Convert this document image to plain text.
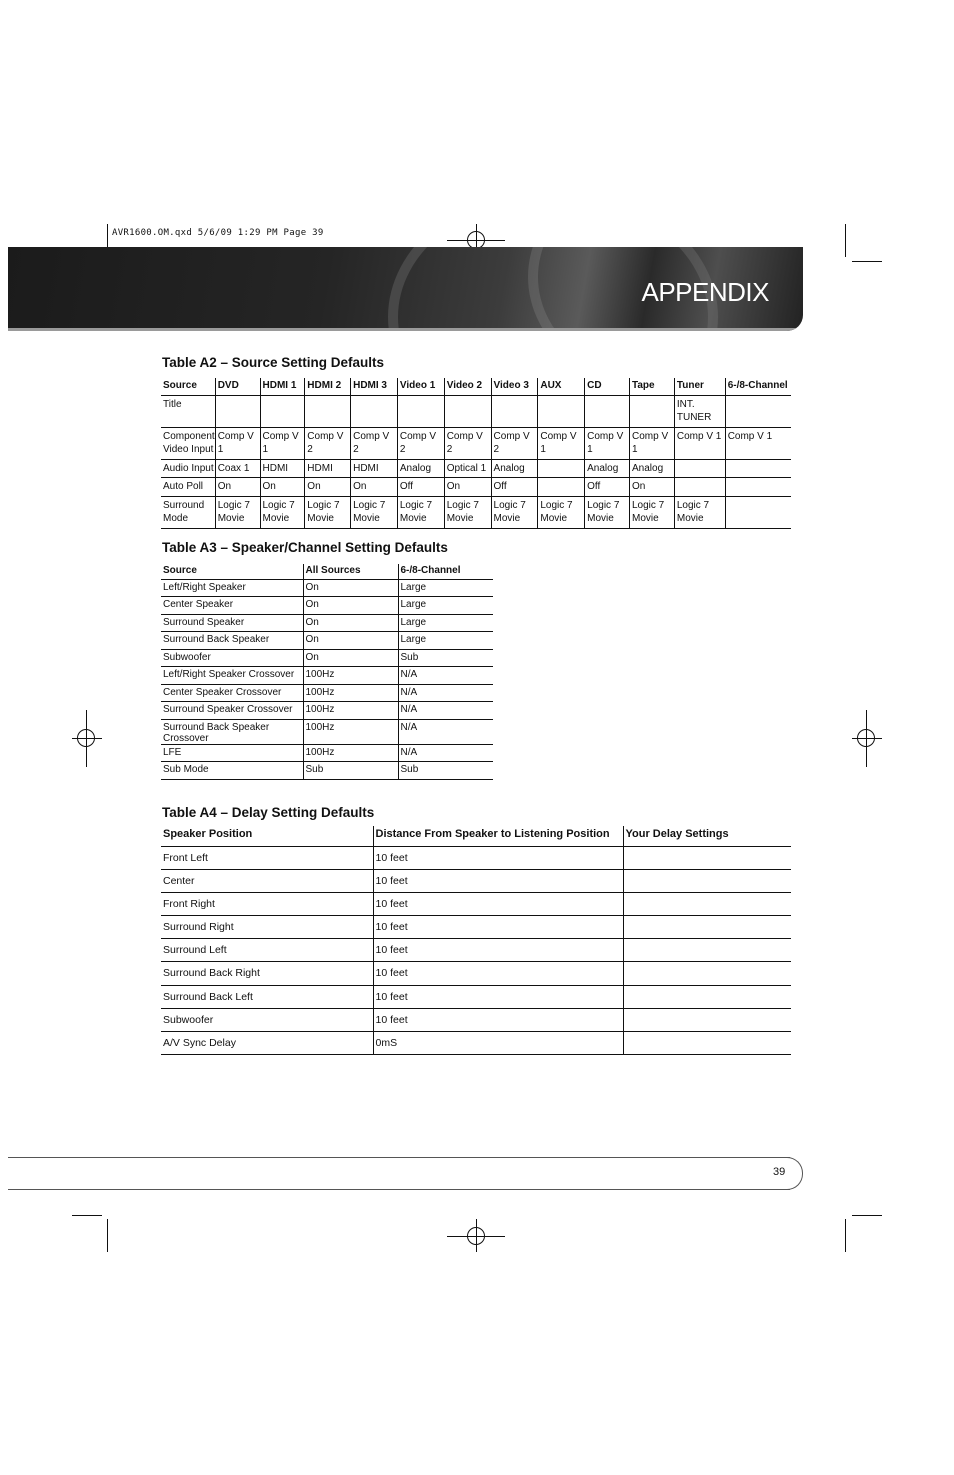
AVR1600.OM.qxd 5/6/09 1:29 PM Page 39
APPENDIX
Table A2 – Source Setting Defaults
Source	DVD	HDMI 1	HDMI 2	HDMI 3	Video 1	Video 2	Video 3	AUX	CD	Tape	Tuner	6-/8-Channel
Title											INT. TUNER	
Component Video Input	Comp V 1	Comp V 1	Comp V 2	Comp V 2	Comp V 2	Comp V 2	Comp V 2	Comp V 1	Comp V 1	Comp V 1	Comp V 1	Comp V 1
Audio Input	Coax 1	HDMI	HDMI	HDMI	Analog	Optical 1	Analog		Analog	Analog		
Auto Poll	On	On	On	On	Off	On	Off		Off	On		
Surround Mode	Logic 7 Movie	Logic 7 Movie	Logic 7 Movie	Logic 7 Movie	Logic 7 Movie	Logic 7 Movie	Logic 7 Movie	Logic 7 Movie	Logic 7 Movie	Logic 7 Movie	Logic 7 Movie	
Table A3 – Speaker/Channel Setting Defaults
Source	All Sources	6-/8-Channel
Left/Right Speaker	On	Large
Center Speaker	On	Large
Surround Speaker	On	Large
Surround Back Speaker	On	Large
Subwoofer	On	Sub
Left/Right Speaker Crossover	100Hz	N/A
Center Speaker Crossover	100Hz	N/A
Surround Speaker Crossover	100Hz	N/A
Surround Back Speaker Crossover	100Hz	N/A
LFE	100Hz	N/A
Sub Mode	Sub	Sub
Table A4 – Delay Setting Defaults
Speaker Position	Distance From Speaker to Listening Position	Your Delay Settings
Front Left	10 feet	
Center	10 feet	
Front Right	10 feet	
Surround Right	10 feet	
Surround Left	10 feet	
Surround Back Right	10 feet	
Surround Back Left	10 feet	
Subwoofer	10 feet	
A/V Sync Delay	0mS	
39
